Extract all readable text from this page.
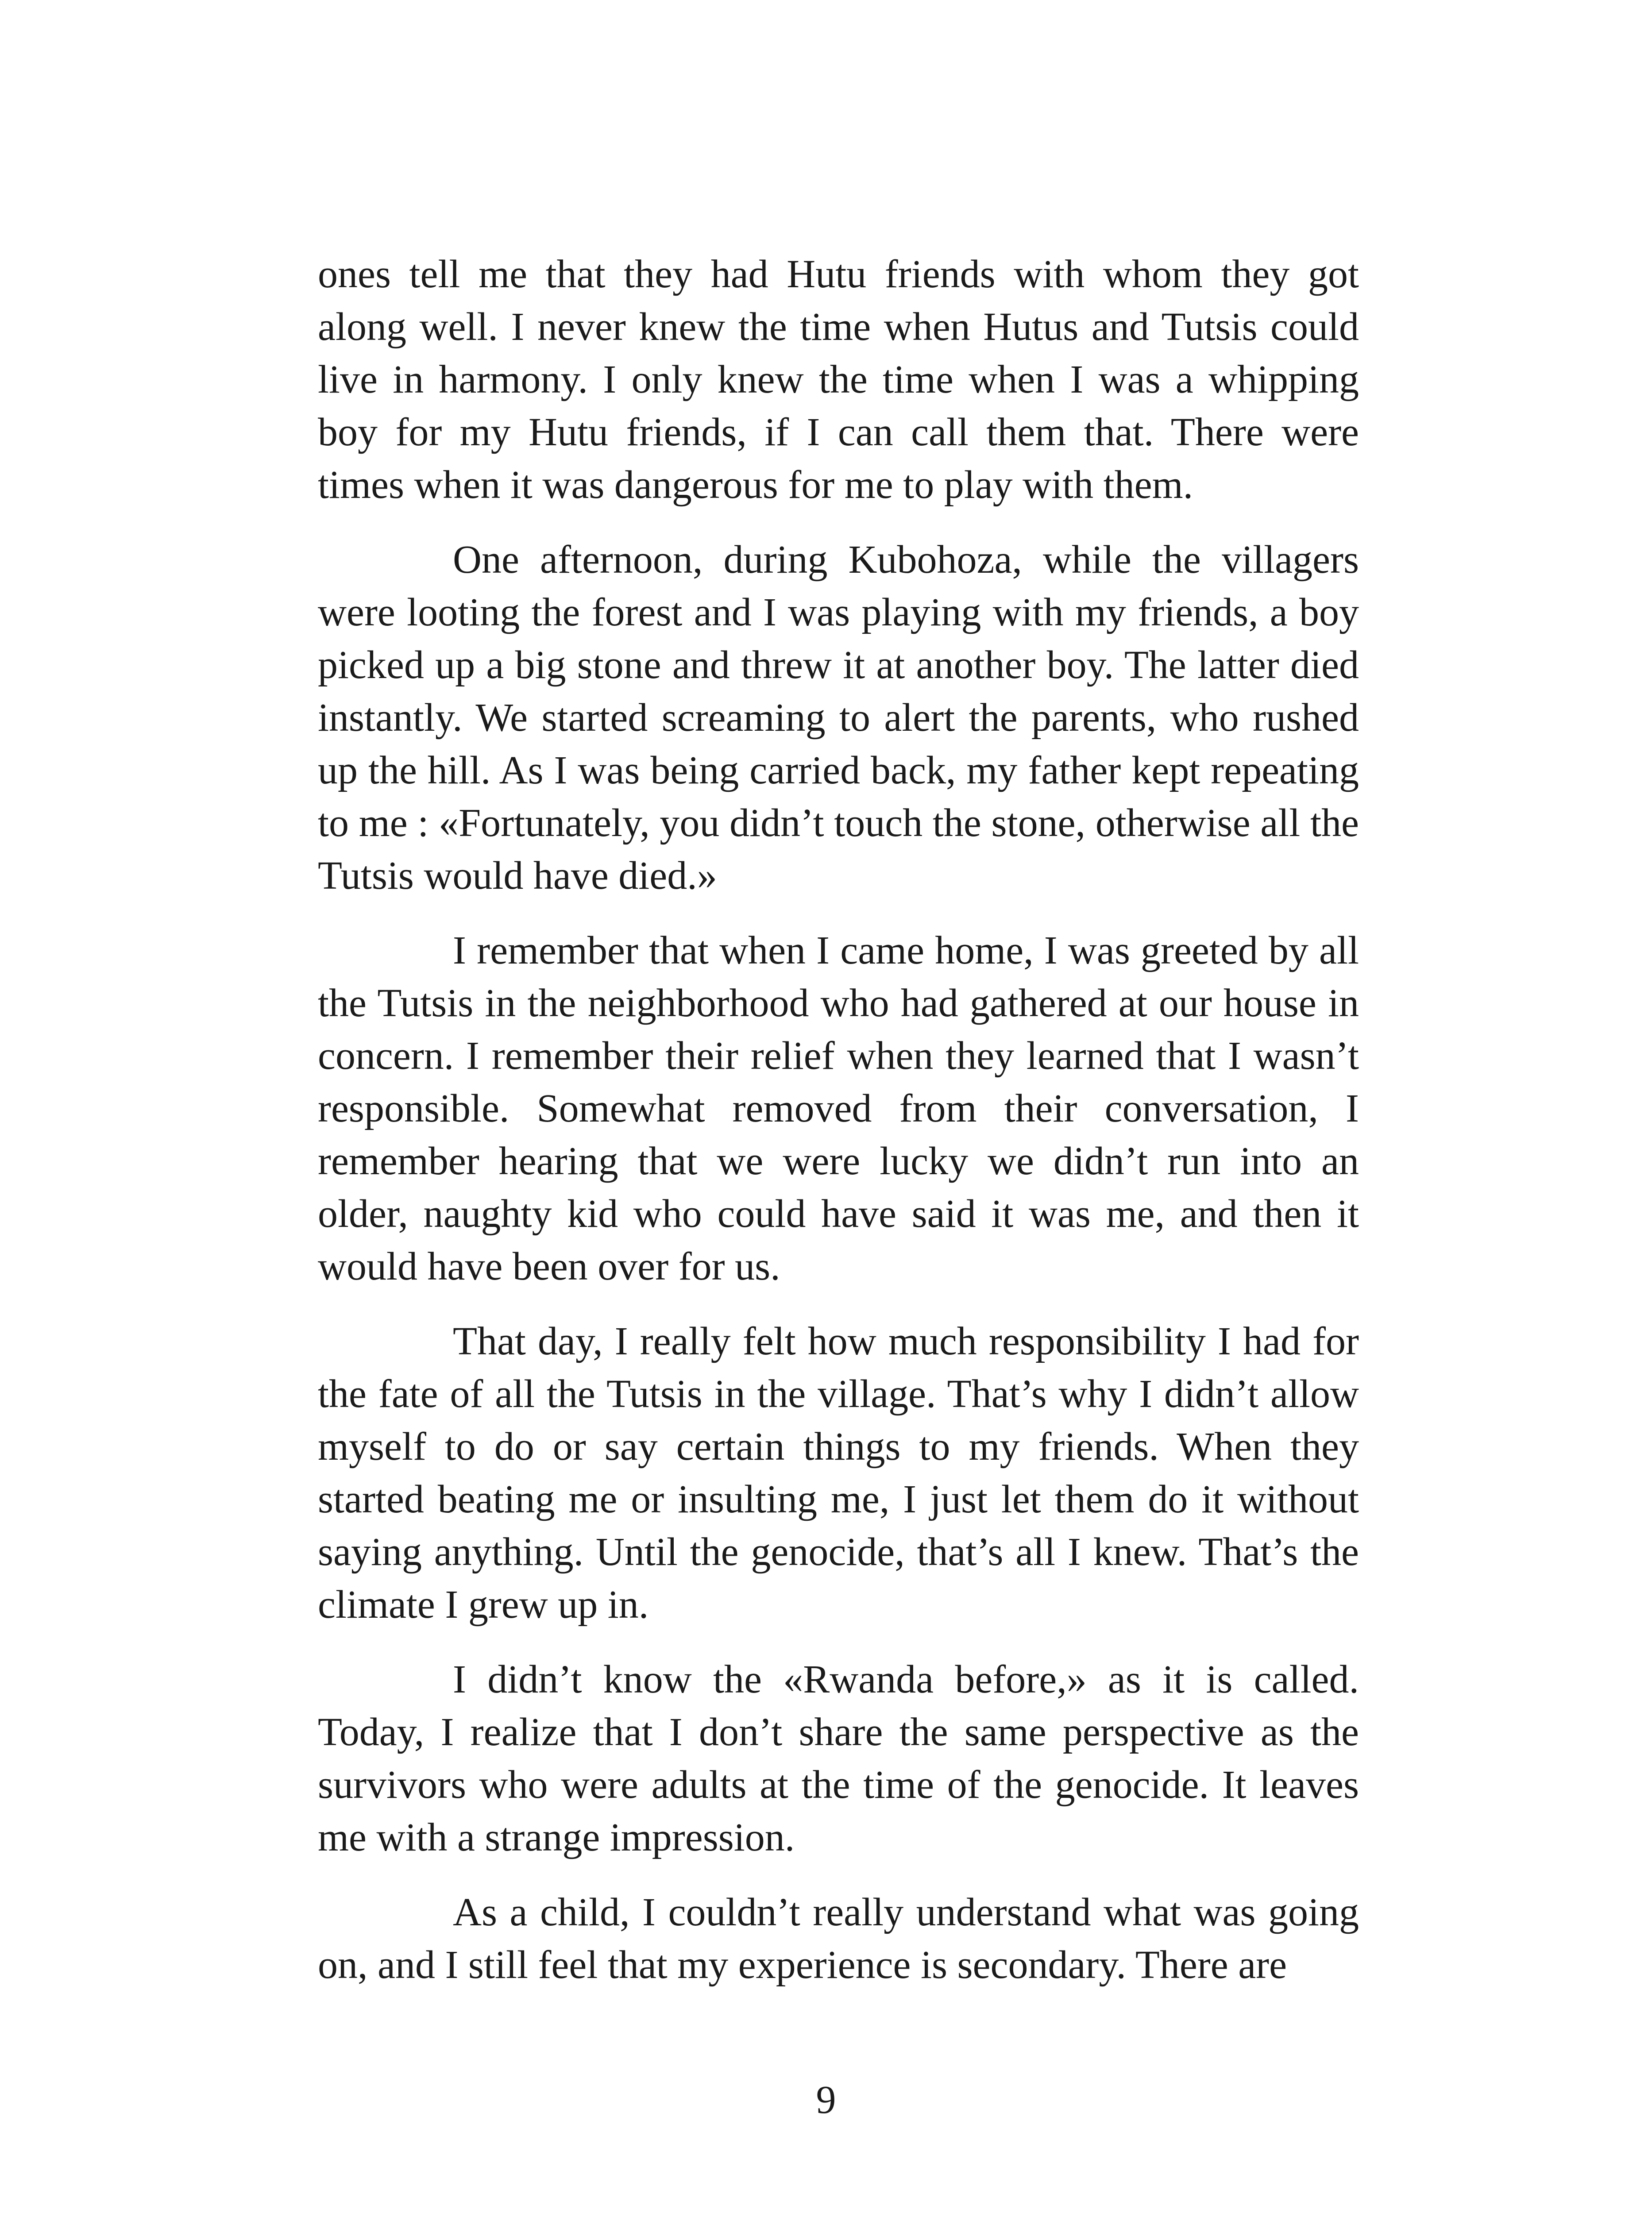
ones tell me that they had Hutu friends with whom they got along well. I never knew the time when Hutus and Tutsis could live in harmony. I only knew the time when I was a whipping boy for my Hutu friends, if I can call them that. There were times when it was dangerous for me to play with them.

One afternoon, during Kubohoza, while the villagers were looting the forest and I was playing with my friends, a boy picked up a big stone and threw it at another boy. The latter died instantly. We started screaming to alert the parents, who rushed up the hill. As I was being carried back, my father kept repeating to me : «Fortunately, you didn’t touch the stone, otherwise all the Tutsis would have died.»

I remember that when I came home, I was greeted by all the Tutsis in the neighborhood who had gathered at our house in concern. I remember their relief when they learned that I wasn’t responsible. Somewhat removed from their conversation, I remember hearing that we were lucky we didn’t run into an older, naughty kid who could have said it was me, and then it would have been over for us.

That day, I really felt how much responsibility I had for the fate of all the Tutsis in the village. That’s why I didn’t allow myself to do or say certain things to my friends. When they started beating me or insulting me, I just let them do it without saying anything. Until the genocide, that’s all I knew. That’s the climate I grew up in.

I didn’t know the «Rwanda before,» as it is called. Today, I realize that I don’t share the same perspective as the survivors who were adults at the time of the genocide. It leaves me with a strange impression.

As a child, I couldn’t really understand what was going on, and I still feel that my experience is secondary. There are

9
